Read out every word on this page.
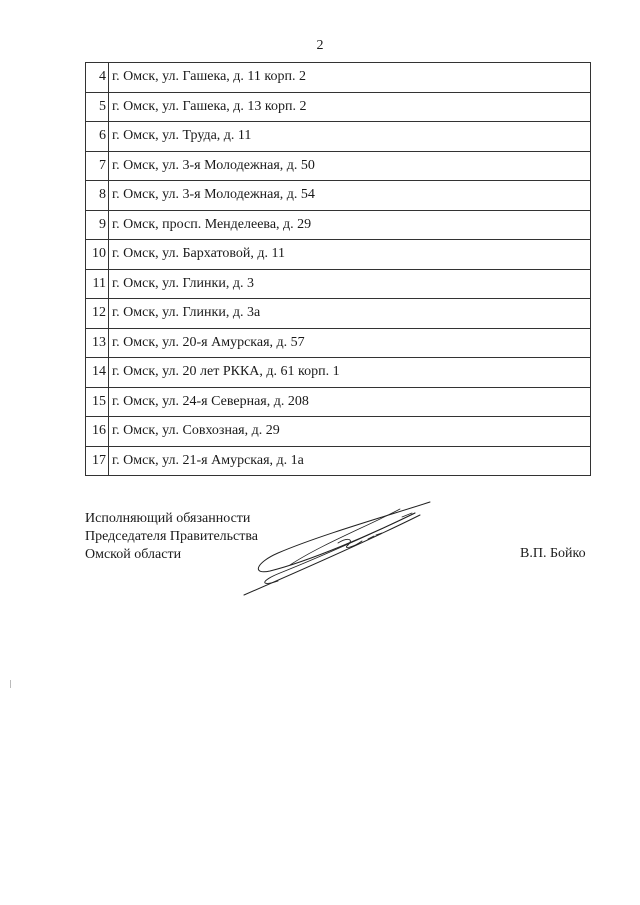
2
4	г. Омск, ул. Гашека, д. 11 корп. 2
5	г. Омск, ул. Гашека, д. 13 корп. 2
6	г. Омск, ул. Труда, д. 11
7	г. Омск, ул. 3-я Молодежная, д. 50
8	г. Омск, ул. 3-я Молодежная, д. 54
9	г. Омск, просп. Менделеева, д. 29
10	г. Омск, ул. Бархатовой, д. 11
11	г. Омск, ул. Глинки, д. 3
12	г. Омск, ул. Глинки, д. 3а
13	г. Омск, ул. 20-я Амурская, д. 57
14	г. Омск, ул. 20 лет РККА, д. 61 корп. 1
15	г. Омск, ул. 24-я Северная, д. 208
16	г. Омск, ул. Совхозная, д. 29
17	г. Омск, ул. 21-я Амурская, д. 1а
Исполняющий обязанности
Председателя Правительства
Омской области	В.П. Бойко
